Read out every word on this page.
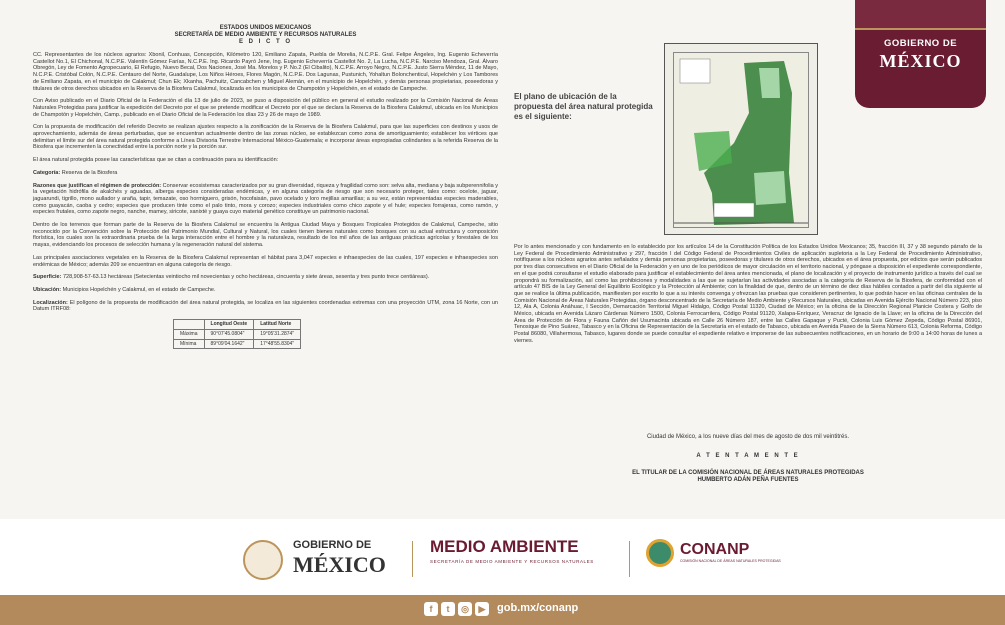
ESTADOS UNIDOS MEXICANOS
SECRETARÍA DE MEDIO AMBIENTE Y RECURSOS NATURALES
E D I C T O

CC. Representantes de los núcleos agrarios: Xbonil, Conhuas, Concepción, Kilómetro 120, Emiliano Zapata, Puebla de Morelia, N.C.P.E. Gral. Felipe Ángeles, Ing. Eugenio Echeverría Castellot No.1, El Chichonal, N.C.P.E. Valentín Gómez Farías, N.C.P.E. Ing. Ricardo Payró Jene, Ing. Eugenio Echeverría Castellot No. 2, La Lucha, N.C.P.E. Narciso Mendoza, Gral. Álvaro Obregón, Ley de Fomento Agropecuario, El Refugio, Nuevo Becal, Dos Naciones, José Ma. Morelos y P. No.2 (El Cibalito), N.C.P.E. Arroyo Negro, N.C.P.E. Justo Sierra Méndez, 11 de Mayo, N.C.P.E. Cristóbal Colón, N.C.P.E. Centauro del Norte, Guadalupe, Los Niños Héroes, Flores Magón, N.C.P.E. Dos Lagunas, Pustunich, Yohaltun Bolonchenticul, Hopelchén y Los Tambores de Emiliano Zapata, en el municipio de Calakmul; Chun Ek; Xkanha, Pachuitz, Cancabchen y Miguel Alemán, en el municipio de Hopelchén, y demás personas propietarias, poseedoras y titulares de otros derechos ubicados en la Reserva de la Biosfera Calakmul, localizada en los municipios de Champotón y Hopelchén, en el estado de Campeche.

Con Aviso publicado en el Diario Oficial de la Federación el día 13 de julio de 2023, se puso a disposición del público en general el estudio realizado por la Comisión Nacional de Áreas Naturales Protegidas para justificar la expedición del Decreto por el que se pretende modificar el Decreto por el que se declara la Reserva de la Biosfera Calakmul, ubicada en los Municipios de Champotón y Hopelchén, Camp., publicado en el Diario Oficial de la Federación los días 23 y 26 de mayo de 1989.

Con la propuesta de modificación del referido Decreto se realizan ajustes respecto a la zonificación de la Reserva de la Biosfera Calakmul, para que las superficies con destinos y usos de aprovechamiento, además de áreas perturbadas, que se encuentran actualmente dentro de las zonas núcleo, se establezcan como zona de amortiguamiento; establecer los vértices que delimitan el límite sur del área natural protegida conforme a Línea Divisoria Terrestre Internacional México-Guatemala; e incorporar áreas expropiadas colindantes a la referida Reserva de la Biosfera que incrementen la conectividad entre la porción norte y la porción sur.

El área natural protegida posee las características que se citan a continuación para su identificación:

Categoría: Reserva de la Biosfera

Razones que justifican el régimen de protección: Conservar ecosistemas caracterizados por su gran diversidad, riqueza y fragilidad como son: selva alta, mediana y baja subperennifolia y la vegetación hidrófila de akalchés y aguadas, alberga especies consideradas endémicas, y en alguna categoría de riesgo que son necesario proteger, tales como: ocelote, jaguar, jaguarundi, tigrillo, mono aullador y araña, tapir, temazate, oso hormiguero, grisón, hocofaisán, pavo ocelado y loro mejillas amarillas; a su vez, están representadas especies maderables, como guayacán, caoba y cedro; especies que producen tinte como el palo tinto, mora y corozo; especies industriales como chico zapote y el hule; especies forrajeras, como ramón, y especies frutales, como zapote negro, nanche, mamey, siricote, xanixté y guaya cuyo material genético constituye un patrimonio nacional.

Dentro de los terrenos que forman parte de la Reserva de la Biosfera Calakmul se encuentra la Antigua Ciudad Maya y Bosques Tropicales Protegidos de Calakmul, Campeche, sitio reconocido por la Convención sobre la Protección del Patrimonio Mundial, Cultural y Natural, los cuales tienen bienes naturales como bosques con su actual estructura y composición florística, los cuales son la extraordinaria prueba de la larga interacción entre el hombre y la naturaleza, resultado de los mil años de las antiguas prácticas agrícolas y forestales de los mayas, evidenciando los procesos de selección humana y la regeneración natural del sistema.

Las principales asociaciones vegetales en la Reserva de la Biosfera Calakmul representan el hábitat para 3,047 especies e infraespecies de las cuales, 197 especies e infraespecies son endémicas de México; además 209 se encuentran en alguna categoría de riesgo.

Superficie: 728,908-57-63.13 hectáreas (Setecientas veintiocho mil novecientas y ocho hectáreas, cincuenta y siete áreas, sesenta y tres punto trece centiáreas).

Ubicación: Municipios Hopelchén y Calakmul, en el estado de Campeche.

Localización: El polígono de la propuesta de modificación del área natural protegida, se localiza en las siguientes coordenadas extremas con una proyección UTM, zona 16 Norte, con un Datum ITRF08:

	Longitud Oeste	Latitud Norte
Máxima	90°07'45.0804"	19°05'31.2874"
Mínima	89°09'04.1642"	17°48'55.8304"
El plano de ubicación de la propuesta del área natural protegida es el siguiente:

Por lo antes mencionado y con fundamento en lo establecido por los artículos 14 de la Constitución Política de los Estados Unidos Mexicanos; 35, fracción III, 37 y 38 segundo párrafo de la Ley Federal de Procedimiento Administrativo y 297, fracción I del Código Federal de Procedimientos Civiles de aplicación supletoria a la Ley Federal de Procedimiento Administrativo, notifíquese a los núcleos agrarios antes señalados y demás personas propietarias, poseedoras y titulares de otros derechos, ubicados en el área propuesta, por edictos que serán publicados por tres días consecutivos en el Diario Oficial de la Federación y en uno de los periódicos de mayor circulación en el territorio nacional, y póngase a disposición el expediente correspondiente, en el que podrá consultarse el estudio elaborado para justificar el establecimiento del área antes mencionada, el plano de localización y el proyecto de instrumento jurídico a través del cual se propondrá su formalización, así como las prohibiciones y modalidades a las que se sujetarían las actividades asociadas a la categoría de Reserva de la Biosfera, de conformidad con el artículo 47 BIS de la Ley General del Equilibrio Ecológico y la Protección al Ambiente; con la finalidad de que, dentro de un término de diez días hábiles contados a partir del día siguiente al que se realice la última publicación, manifiesten por escrito lo que a su interés convenga y ofrezcan las pruebas que consideren pertinentes, lo que podrán hacer en las oficinas centrales de la Comisión Nacional de Áreas Naturales Protegidas, órgano desconcentrado de la Secretaría de Medio Ambiente y Recursos Naturales, ubicadas en Avenida Ejército Nacional Número 223, piso 12, Ala A, Colonia Anáhuac, I Sección, Demarcación Territorial Miguel Hidalgo, Código Postal 11320, Ciudad de México; en la oficina de la Dirección Regional Planicie Costera y Golfo de México, ubicada en Avenida Lázaro Cárdenas Número 1500, Colonia Ferrocarrilera, Código Postal 91120, Xalapa-Enríquez, Veracruz de Ignacio de la Llave; en la oficina de la Dirección del Área de Protección de Flora y Fauna Cañón del Usumacinta ubicada en Calle 26 Número 187, entre las Calles Gapaque y Pucté, Colonia Luis Gómez Zepeda, Código Postal 86901, Tenosique de Pino Suárez, Tabasco y en la Oficina de Representación de la Secretaría en el estado de Tabasco, ubicada en Avenida Paseo de la Sierra Número 613, Colonia Reforma, Código Postal 86080, Villahermosa, Tabasco, lugares donde se puede consultar el expediente relativo e imponerse de las subsecuentes notificaciones, en un horario de 9:00 a 14:00 horas de lunes a viernes.

Ciudad de México, a los nueve días del mes de agosto de dos mil veintitrés.
A T E N T A M E N T E
EL TITULAR DE LA COMISIÓN NACIONAL DE ÁREAS NATURALES PROTEGIDAS
HUMBERTO ADÁN PEÑA FUENTES
GOBIERNO DE
MÉXICO
GOBIERNO DE
MÉXICO
MEDIO AMBIENTE
SECRETARÍA DE MEDIO AMBIENTE Y RECURSOS NATURALES
CONANP
COMISIÓN NACIONAL DE ÁREAS NATURALES PROTEGIDAS
f	t	◎	▶	gob.mx/conanp
